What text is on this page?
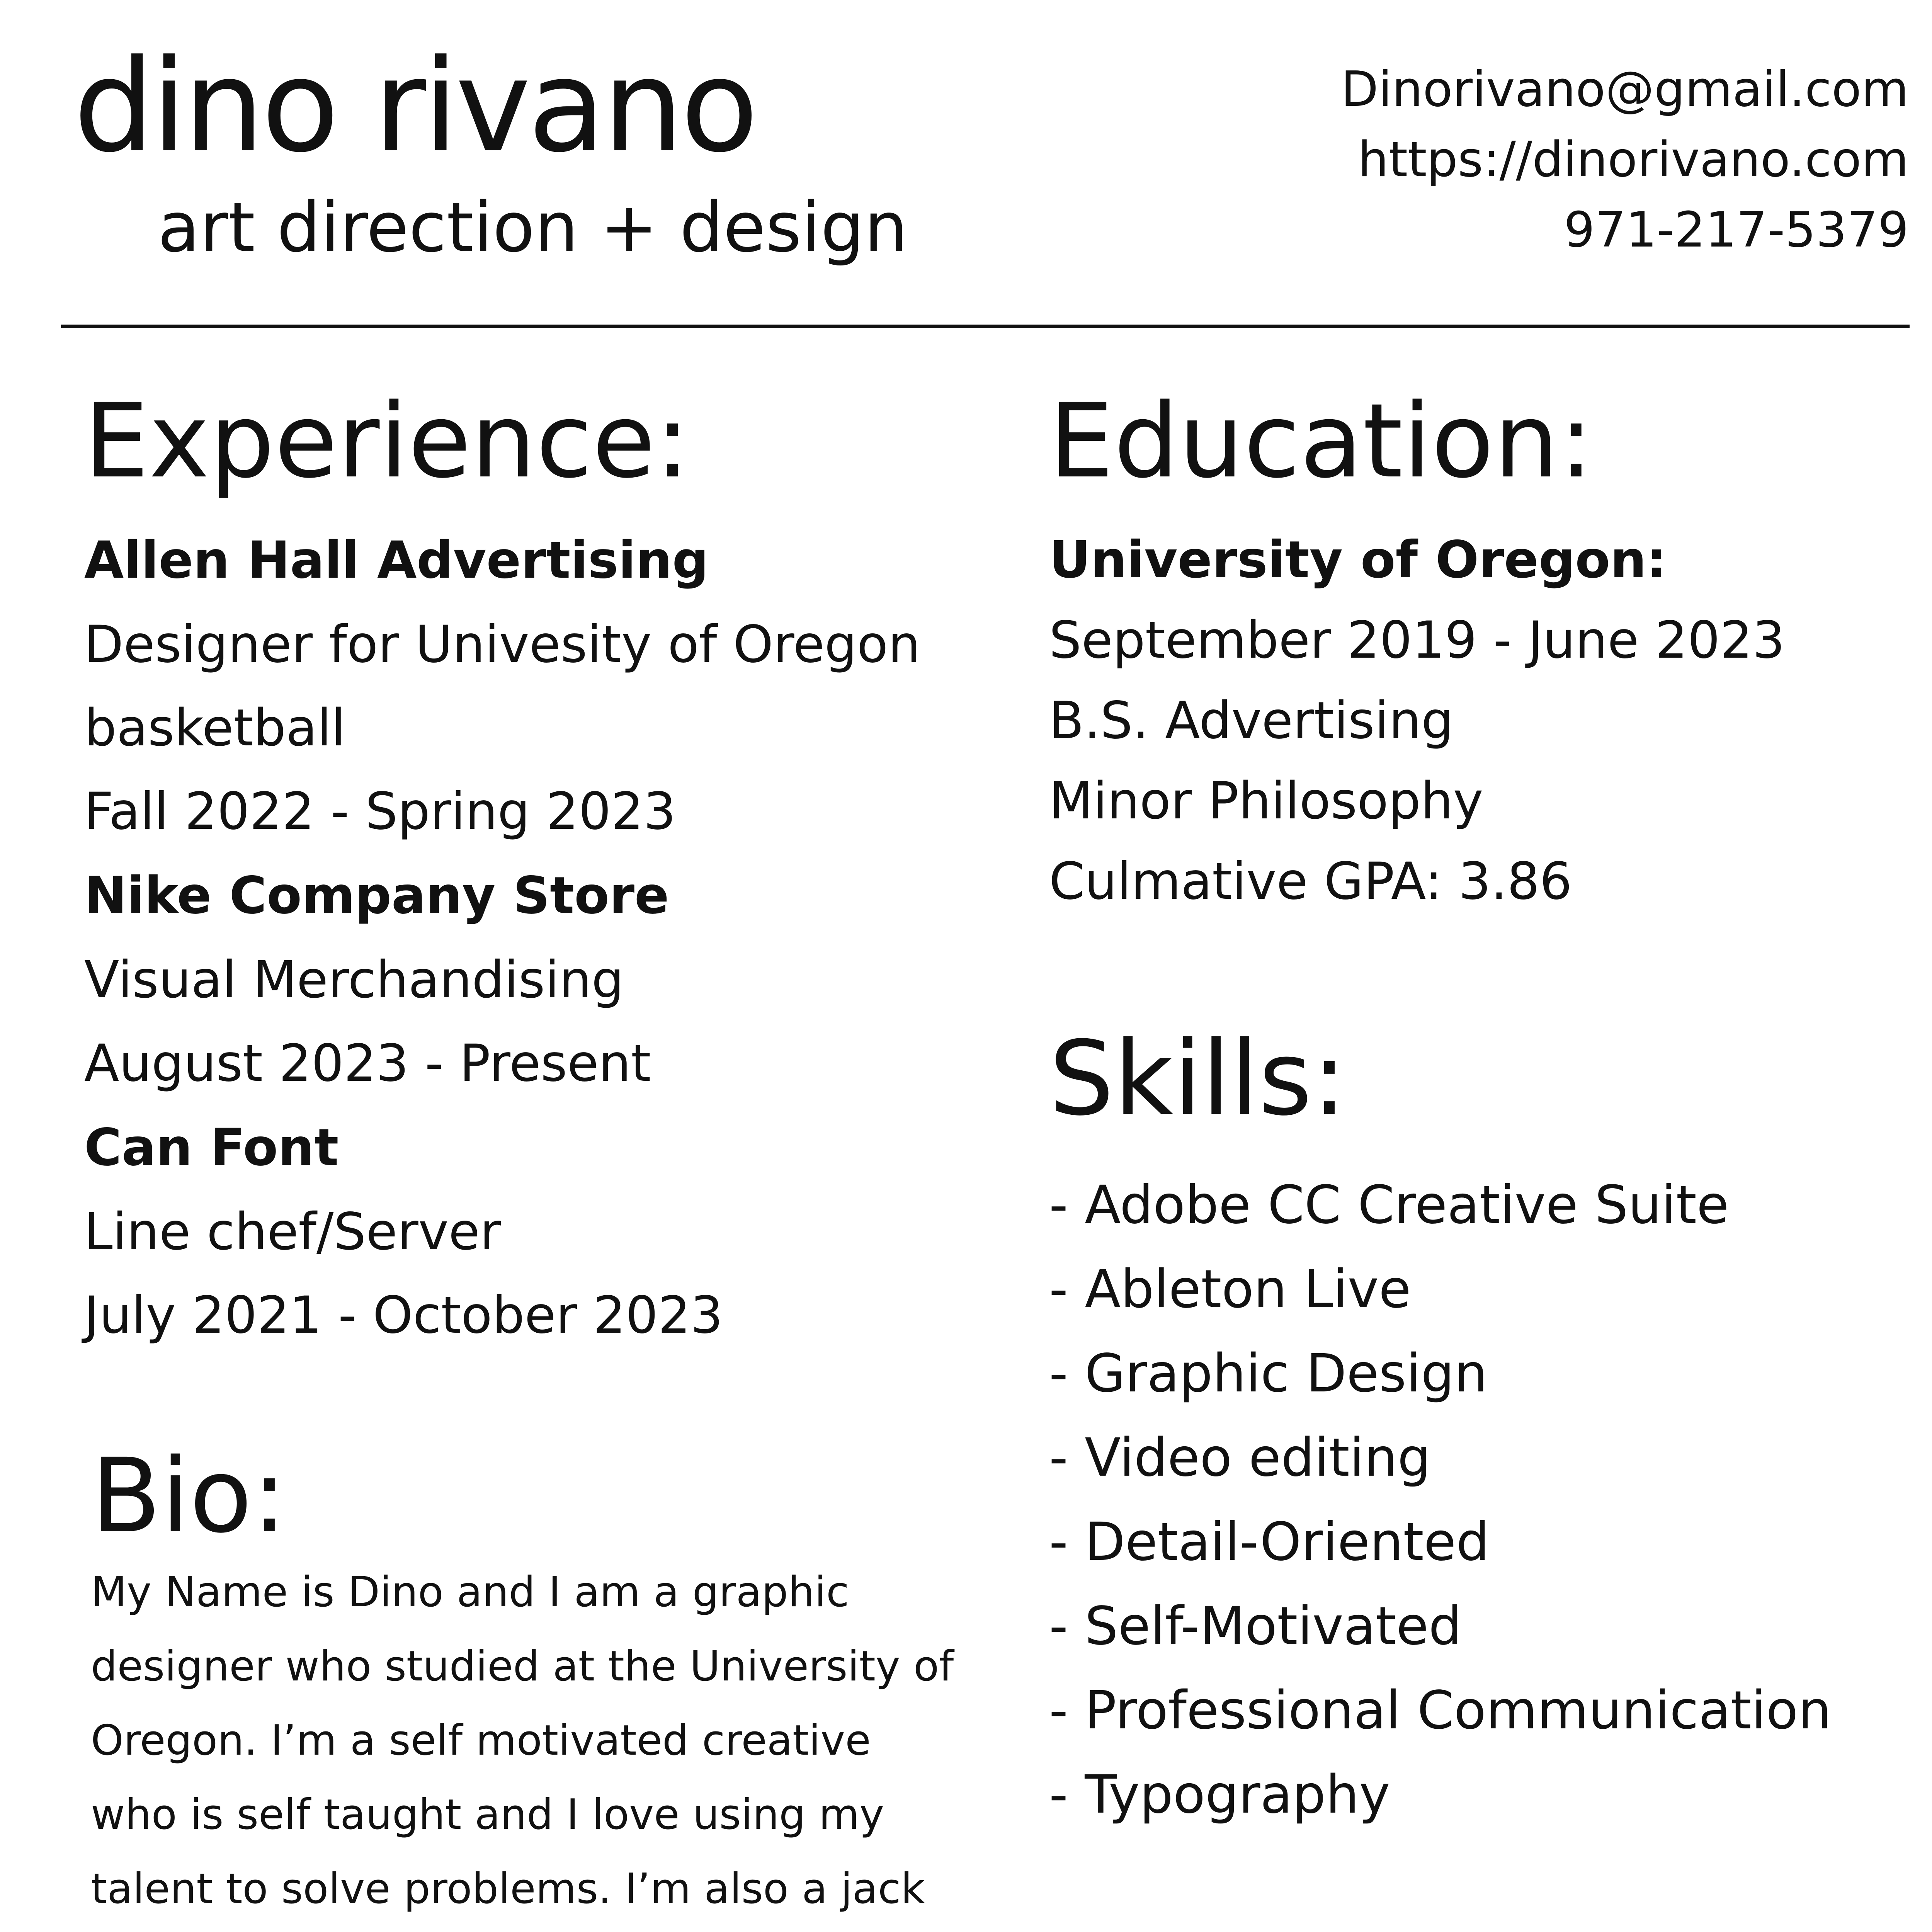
dino rivano
art direction + design
Dinorivano@gmail.com
https://dinorivano.com
971-217-5379
Experience:
Allen Hall Advertising
Designer for Univesity of Oregon basketball
Fall 2022 - Spring 2023
Nike Company Store
Visual Merchandising
August 2023 - Present
Can Font
Line chef/Server
July 2021 - October 2023
Education:
University of Oregon:
September 2019 - June 2023
B.S. Advertising
Minor Philosophy
Culmative GPA: 3.86
Skills:
- Adobe CC Creative Suite
- Ableton Live
- Graphic Design
- Video editing
- Detail-Oriented
- Self-Motivated
- Professional Communication
- Typography
Bio:
My Name is Dino and I am a graphic designer who studied at the University of Oregon. I’m a self motivated creative who is self taught and I love using my talent to solve problems. I’m also a jack
